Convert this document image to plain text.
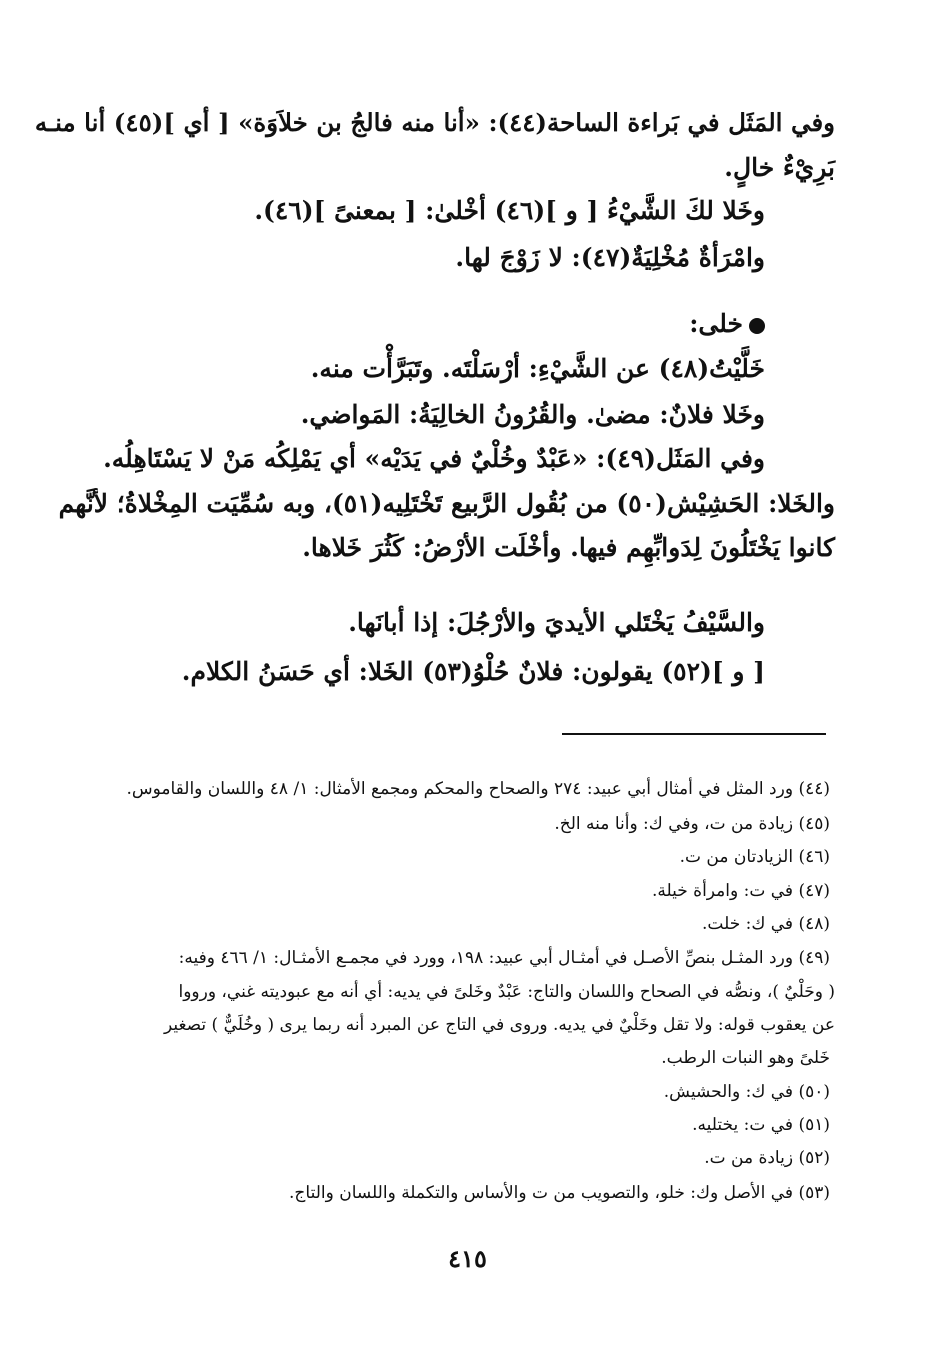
وفي المَثَل في بَراءة الساحة(٤٤): «أنا منه فالجُ بن خلاَوَة» [ أي ](٤٥) أنا منـه
بَرِيْءٌ خالٍ.
وخَلا لكَ الشَّيْءُ [ و ](٤٦) أخْلىٰ: [ بمعنىً ](٤٦).
وامْرَأةٌ مُخْلِيَةٌ(٤٧): لا زَوْجَ لها.
خلى:
خَلَّيْتُ(٤٨) عن الشَّيْءِ: أرْسَلْتَه. وتَبَرَّأْت منه.
وخَلا فلانٌ: مضىٰ. والقُرُونُ الخالِيَةُ: المَواضي.
وفي المَثَل(٤٩): «عَبْدٌ وخُلْيٌ في يَدَيْه» أي يَمْلِكُه مَنْ لا يَسْتَاهِلُه.
والخَلا: الحَشِيْش(٥٠) من بُقُول الرَّبيع تَخْتَلِيه(٥١)، وبه سُمِّيَت المِخْلاةُ؛ لأنَّهم
كانوا يَخْتَلُونَ لِدَوابِّهِم فيها. وأخْلَت الأرْضُ: كَثُرَ خَلاها.
والسَّيْفُ يَخْتَلي الأيديَ والأرْجُلَ: إذا أبانَها.
[ و ](٥٢) يقولون: فلانٌ حُلْوُ(٥٣) الخَلا: أي حَسَنُ الكلام.
(٤٤) ورد المثل في أمثال أبي عبيد: ٢٧٤ والصحاح والمحكم ومجمع الأمثال: ١/ ٤٨ واللسان والقاموس.
(٤٥) زيادة من ت، وفي ك: وأنا منه الخ.
(٤٦) الزيادتان من ت.
(٤٧) في ت: وامرأة خيلة.
(٤٨) في ك: خلت.
(٤٩) ورد المثـل بنصِّ الأصـل في أمثـال أبي عبيد: ١٩٨، وورد في مجمـع الأمثـال: ١/ ٤٦٦ وفيه:
( وحَلْيٌ )، ونصُّه في الصحاح واللسان والتاج: عَبْدٌ وخَلىً في يديه: أي أنه مع عبوديته غني، ورووا
عن يعقوب قوله: ولا تقل وخَلْيٌ في يديه. وروى في التاج عن المبرد أنه ربما يرى ( وخُلَيٌّ ) تصغير
خَلىً وهو النبات الرطب.
(٥٠) في ك: والحشيش.
(٥١) في ت: يختليه.
(٥٢) زيادة من ت.
(٥٣) في الأصل وك: خلو، والتصويب من ت والأساس والتكملة واللسان والتاج.
٤١٥
